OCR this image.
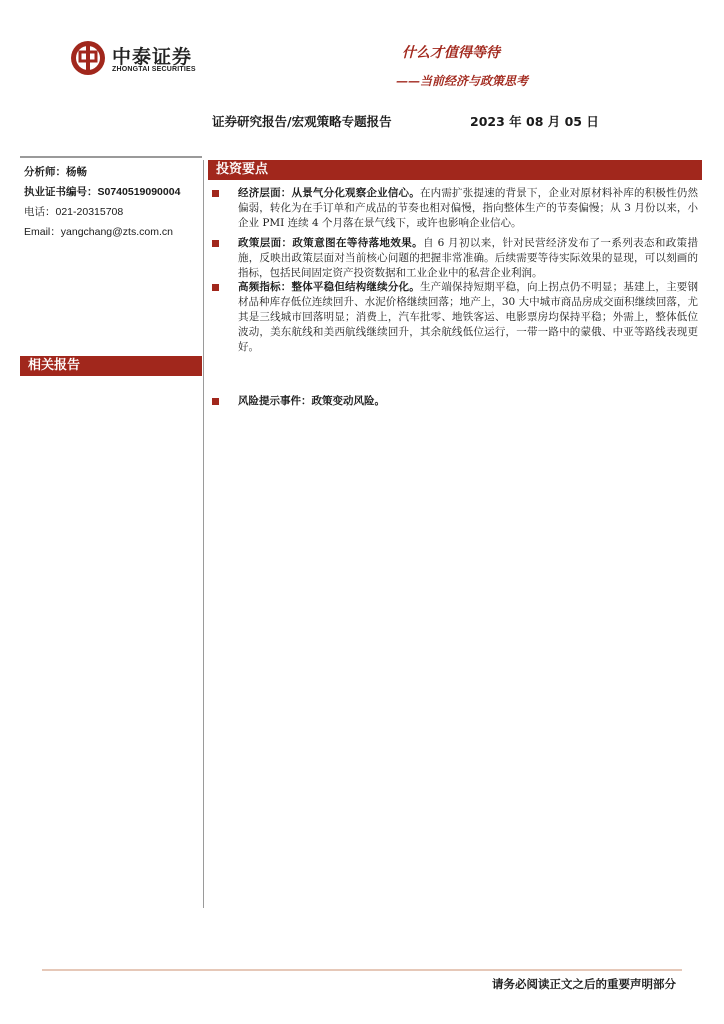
中泰证券
ZHONGTAI SECURITIES
什么才值得等待
——当前经济与政策思考
证券研究报告/宏观策略专题报告	2023 年 08 月 05 日
分析师：杨畅
执业证书编号：S0740519090004
电话：021-20315708
Email：yangchang@zts.com.cn
投资要点
相关报告
经济层面：从景气分化观察企业信心。在内需扩张提速的背景下，企业对原材料补库的积极性仍然偏弱，转化为在手订单和产成品的节奏也相对偏慢，指向整体生产的节奏偏慢；从 3 月份以来，小企业 PMI 连续 4 个月落在景气线下，或许也影响企业信心。
政策层面：政策意图在等待落地效果。自 6 月初以来，针对民营经济发布了一系列表态和政策措施，反映出政策层面对当前核心问题的把握非常准确。后续需要等待实际效果的显现，可以刻画的指标，包括民间固定资产投资数据和工业企业中的私营企业利润。
高频指标：整体平稳但结构继续分化。生产端保持短期平稳，向上拐点仍不明显；基建上，主要钢材品种库存低位连续回升、水泥价格继续回落；地产上，30 大中城市商品房成交面积继续回落，尤其是三线城市回落明显；消费上，汽车批零、地铁客运、电影票房均保持平稳；外需上，整体低位波动，美东航线和美西航线继续回升，其余航线低位运行，一带一路中的蒙俄、中亚等路线表现更好。
风险提示事件：政策变动风险。
请务必阅读正文之后的重要声明部分
